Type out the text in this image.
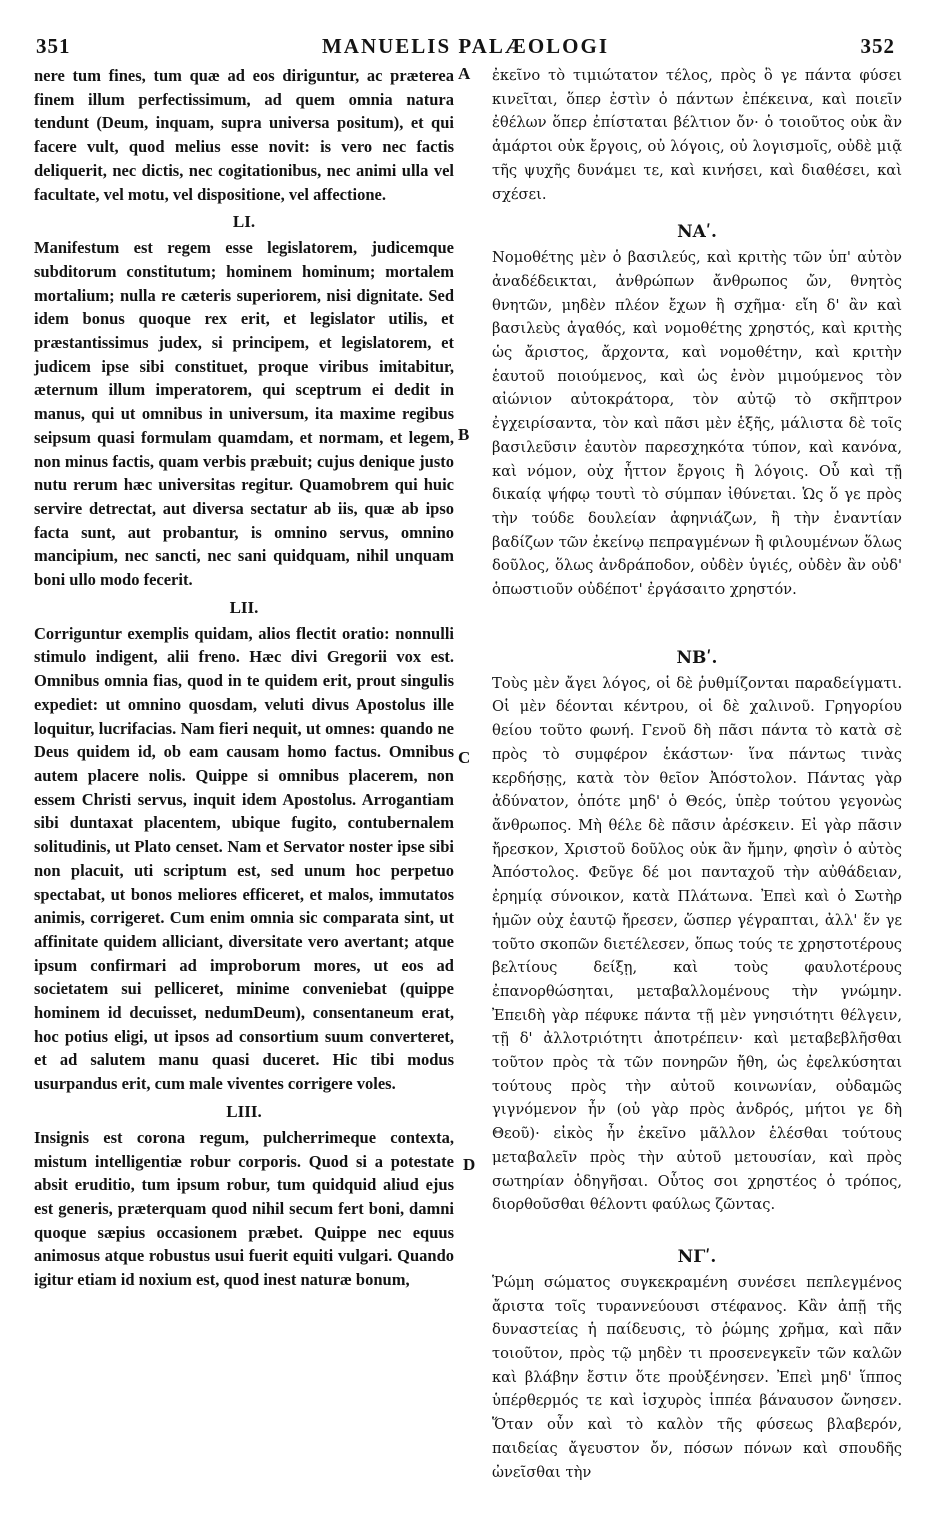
351	MANUELIS PALÆOLOGI	352
A
B
C
D

nere tum fines, tum quæ ad eos diriguntur, ac præterea finem illum perfectissimum, ad quem omnia natura tendunt (Deum, inquam, supra universa positum), et qui facere vult, quod melius esse novit: is vero nec factis deliquerit, nec dictis, nec cogitationibus, nec animi ulla vel facultate, vel motu, vel dispositione, vel affectione.

LI.

Manifestum est regem esse legislatorem, judicemque subditorum constitutum; hominem hominum; mortalem mortalium; nulla re cæteris superiorem, nisi dignitate. Sed idem bonus quoque rex erit, et legislator utilis, et præstantissimus judex, si principem, et legislatorem, et judicem ipse sibi constituet, proque viribus imitabitur, æternum illum imperatorem, qui sceptrum ei dedit in manus, qui ut omnibus in universum, ita maxime regibus seipsum quasi formulam quamdam, et normam, et legem, non minus factis, quam verbis præbuit; cujus denique justo nutu rerum hæc universitas regitur. Quamobrem qui huic servire detrectat, aut diversa sectatur ab iis, quæ ab ipso facta sunt, aut probantur, is omnino servus, omnino mancipium, nec sancti, nec sani quidquam, nihil unquam boni ullo modo fecerit.

LII.

Corriguntur exemplis quidam, alios flectit oratio: nonnulli stimulo indigent, alii freno. Hæc divi Gregorii vox est. Omnibus omnia fias, quod in te quidem erit, prout singulis expediet: ut omnino quosdam, veluti divus Apostolus ille loquitur, lucrifacias. Nam fieri nequit, ut omnes: quando ne Deus quidem id, ob eam causam homo factus. Omnibus autem placere nolis. Quippe si omnibus placerem, non essem Christi servus, inquit idem Apostolus. Arrogantiam sibi duntaxat placentem, ubique fugito, contubernalem solitudinis, ut Plato censet. Nam et Servator noster ipse sibi non placuit, uti scriptum est, sed unum hoc perpetuo spectabat, ut bonos meliores efficeret, et malos, immutatos animis, corrigeret. Cum enim omnia sic comparata sint, ut affinitate quidem alliciant, diversitate vero avertant; atque ipsum confirmari ad improborum mores, ut eos ad societatem sui pelliceret, minime conveniebat (quippe hominem id decuisset, nedumDeum), consentaneum erat, hoc potius eligi, ut ipsos ad consortium suum converteret, et ad salutem manu quasi duceret. Hic tibi modus usurpandus erit, cum male viventes corrigere voles.

LIII.

Insignis est corona regum, pulcherrimeque contexta, mistum intelligentiæ robur corporis. Quod si a potestate absit eruditio, tum ipsum robur, tum quidquid aliud ejus est generis, præterquam quod nihil secum fert boni, damni quoque sæpius occasionem præbet. Quippe nec equus animosus atque robustus usui fuerit equiti vulgari. Quando igitur etiam id noxium est, quod inest naturæ bonum,

ἐκεῖνο τὸ τιμιώτατον τέλος, πρὸς ὃ γε πάντα φύσει κινεῖται, ὅπερ ἐστὶν ὁ πάντων ἐπέκεινα, καὶ ποιεῖν ἐθέλων ὅπερ ἐπίσταται βέλτιον ὄν· ὁ τοιοῦτος οὐκ ἂν ἁμάρτοι οὐκ ἔργοις, οὐ λόγοις, οὐ λογισμοῖς, οὐδὲ μιᾷ τῆς ψυχῆς δυνάμει τε, καὶ κινήσει, καὶ διαθέσει, καὶ σχέσει.

ΝΑʹ.

Νομοθέτης μὲν ὁ βασιλεύς, καὶ κριτὴς τῶν ὑπ' αὐτὸν ἀναδέδεικται, ἀνθρώπων ἄνθρωπος ὤν, θνητὸς θνητῶν, μηδὲν πλέον ἔχων ἢ σχῆμα· εἴη δ' ἂν καὶ βασιλεὺς ἀγαθός, καὶ νομοθέτης χρηστός, καὶ κριτὴς ὡς ἄριστος, ἄρχοντα, καὶ νομοθέτην, καὶ κριτὴν ἑαυτοῦ ποιούμενος, καὶ ὡς ἐνὸν μιμούμενος τὸν αἰώνιον αὐτοκράτορα, τὸν αὐτῷ τὸ σκῆπτρον ἐγχειρίσαντα, τὸν καὶ πᾶσι μὲν ἑξῆς, μάλιστα δὲ τοῖς βασιλεῦσιν ἑαυτὸν παρεσχηκότα τύπον, καὶ κανόνα, καὶ νόμον, οὐχ ἧττον ἔργοις ἢ λόγοις. Οὗ καὶ τῇ δικαίᾳ ψήφῳ τουτὶ τὸ σύμπαν ἰθύνεται. Ὡς ὅ γε πρὸς τὴν τούδε δουλείαν ἀφηνιάζων, ἢ τὴν ἐναντίαν βαδίζων τῶν ἐκείνῳ πεπραγμένων ἢ φιλουμένων ὅλως δοῦλος, ὅλως ἀνδράποδον, οὐδὲν ὑγιές, οὐδὲν ἂν οὐδ' ὁπωστιοῦν οὐδέποτ' ἐργάσαιτο χρηστόν.

ΝΒʹ.

Τοὺς μὲν ἄγει λόγος, οἱ δὲ ῥυθμίζονται παραδείγματι. Οἱ μὲν δέονται κέντρου, οἱ δὲ χαλινοῦ. Γρηγορίου θείου τοῦτο φωνή. Γενοῦ δὴ πᾶσι πάντα τὸ κατὰ σὲ πρὸς τὸ συμφέρον ἑκάστων· ἵνα πάντως τινὰς κερδήσῃς, κατὰ τὸν θεῖον Ἀπόστολον. Πάντας γὰρ ἀδύνατον, ὁπότε μηδ' ὁ Θεός, ὑπὲρ τούτου γεγονὼς ἄνθρωπος. Μὴ θέλε δὲ πᾶσιν ἀρέσκειν. Εἰ γὰρ πᾶσιν ἤρεσκον, Χριστοῦ δοῦλος οὐκ ἂν ἤμην, φησὶν ὁ αὐτὸς Ἀπόστολος. Φεῦγε δέ μοι πανταχοῦ τὴν αὐθάδειαν, ἐρημίᾳ σύνοικον, κατὰ Πλάτωνα. Ἐπεὶ καὶ ὁ Σωτὴρ ἡμῶν οὐχ ἑαυτῷ ἤρεσεν, ὥσπερ γέγραπται, ἀλλ' ἕν γε τοῦτο σκοπῶν διετέλεσεν, ὅπως τούς τε χρηστοτέρους βελτίους δείξῃ, καὶ τοὺς φαυλοτέρους ἐπανορθώσηται, μεταβαλλομένους τὴν γνώμην. Ἐπειδὴ γὰρ πέφυκε πάντα τῇ μὲν γνησιότητι θέλγειν, τῇ δ' ἀλλοτριότητι ἀποτρέπειν· καὶ μεταβεβλῆσθαι τοῦτον πρὸς τὰ τῶν πονηρῶν ἤθη, ὡς ἐφελκύσηται τούτους πρὸς τὴν αὐτοῦ κοινωνίαν, οὐδαμῶς γιγνόμενον ἦν (οὐ γὰρ πρὸς ἀνδρός, μήτοι γε δὴ Θεοῦ)· εἰκὸς ἦν ἐκεῖνο μᾶλλον ἑλέσθαι τούτους μεταβαλεῖν πρὸς τὴν αὐτοῦ μετουσίαν, καὶ πρὸς σωτηρίαν ὁδηγῆσαι. Οὗτος σοι χρηστέος ὁ τρόπος, διορθοῦσθαι θέλοντι φαύλως ζῶντας.

ΝΓʹ.

Ῥώμη σώματος συγκεκραμένη συνέσει πεπλεγμένος ἄριστα τοῖς τυραννεύουσι στέφανος. Κἂν ἀπῇ τῆς δυναστείας ἡ παίδευσις, τὸ ῥώμης χρῆμα, καὶ πᾶν τοιοῦτον, πρὸς τῷ μηδὲν τι προσενεγκεῖν τῶν καλῶν καὶ βλάβην ἔστιν ὅτε προὐξένησεν. Ἐπεὶ μηδ' ἵππος ὑπέρθερμός τε καὶ ἰσχυρὸς ἱππέα βάναυσον ὤνησεν. Ὅταν οὖν καὶ τὸ καλὸν τῆς φύσεως βλαβερόν, παιδείας ἄγευστον ὄν, πόσων πόνων καὶ σπουδῆς ὠνεῖσθαι τὴν
